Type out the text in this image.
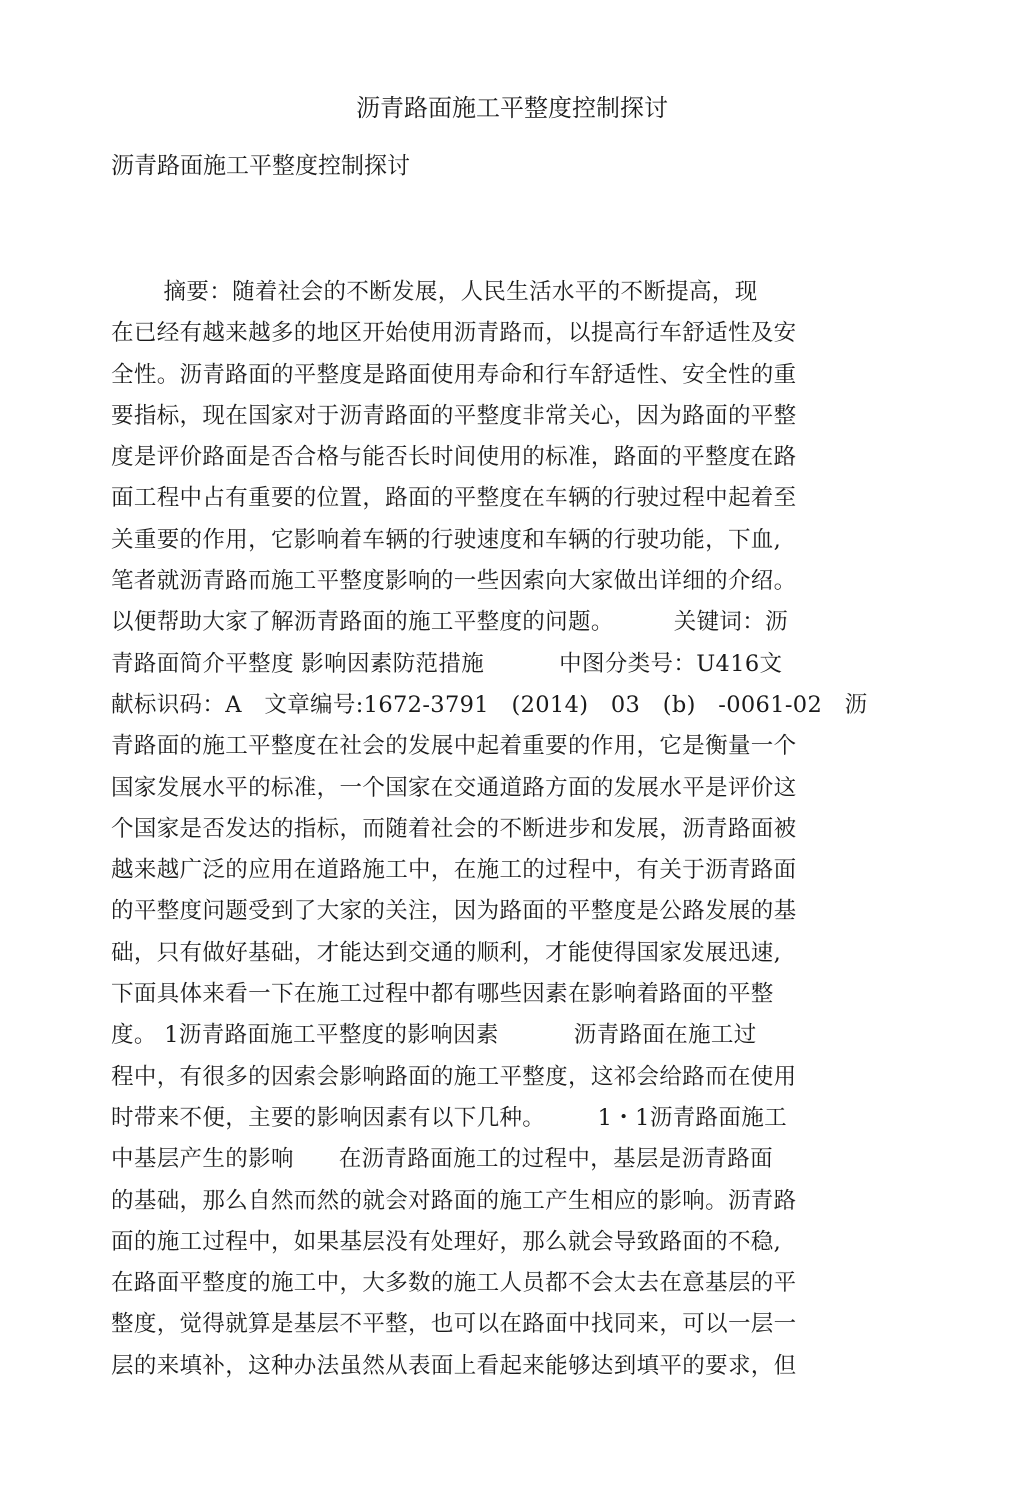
沥青路面施工平整度控制探讨

沥青路面施工平整度控制探讨

摘要：随着社会的不断发展，人民生活水平的不断提高，现
在已经有越来越多的地区开始使用沥青路而，以提高行车舒适性及安
全性。沥青路面的平整度是路面使用寿命和行车舒适性、安全性的重
要指标，现在国家对于沥青路面的平整度非常关心，因为路面的平整
度是评价路面是否合格与能否长时间使用的标准，路面的平整度在路
面工程中占有重要的位置，路面的平整度在车辆的行驶过程中起着至
关重要的作用，它影响着车辆的行驶速度和车辆的行驶功能，下血,
笔者就沥青路而施工平整度影响的一些因索向大家做出详细的介绍。
以便帮助大家了解沥青路面的施工平整度的问题。        关键词：沥
青路面简介平整度 影响因素防范措施          中图分类号：U416文
献标识码：A   文章编号:1672-3791   (2014)   03   (b)   -0061-02   沥
青路面的施工平整度在社会的发展中起着重要的作用，它是衡量一个
国家发展水平的标准，一个国家在交通道路方面的发展水平是评价这
个国家是否发达的指标，而随着社会的不断进步和发展，沥青路面被
越来越广泛的应用在道路施工中，在施工的过程中，有关于沥青路面
的平整度问题受到了大家的关注，因为路面的平整度是公路发展的基
础，只有做好基础，才能达到交通的顺利，才能使得国家发展迅速,
下面具体来看一下在施工过程中都有哪些因素在影响着路面的平整
度。 1沥青路面施工平整度的影响因素          沥青路面在施工过
程中，有很多的因索会影响路面的施工平整度，这祁会给路而在使用
时带来不便，主要的影响因素有以下几种。       1・1沥青路面施工
中基层产生的影响      在沥青路面施工的过程中，基层是沥青路面
的基础，那么自然而然的就会对路面的施工产生相应的影响。沥青路
面的施工过程中，如果基层没有处理好，那么就会导致路面的不稳,
在路面平整度的施工中，大多数的施工人员都不会太去在意基层的平
整度，觉得就算是基层不平整，也可以在路面中找同来，可以一层一
层的来填补，这种办法虽然从表面上看起来能够达到填平的要求，但
